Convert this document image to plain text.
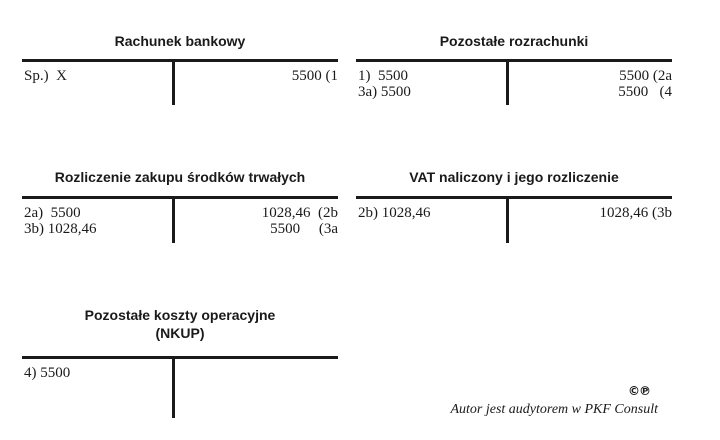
Rachunek bankowy
Sp.)  X	5500 (1
Pozostałe rozrachunki
1)  5500
3a) 5500
5500 (2a
5500   (4
Rozliczenie zakupu środków trwałych
2a)  5500
3b) 1028,46
1028,46  (2b
5500     (3a
VAT naliczony i jego rozliczenie
2b) 1028,46	1028,46 (3b
Pozostałe koszty operacyjne
(NKUP)
4) 5500
©℗
Autor jest audytorem w PKF Consult
